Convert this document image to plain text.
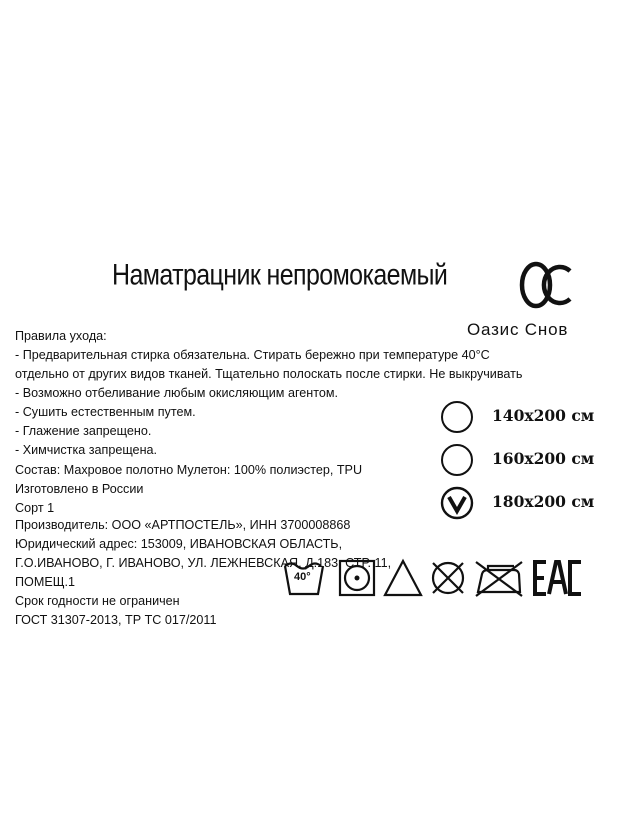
Наматрацник непромокаемый
Оазис Снов
Правила ухода:
- Предварительная стирка обязательна. Стирать бережно при температуре 40°С
отдельно от других видов тканей. Тщательно полоскать после стирки. Не выкручивать
- Возможно отбеливание любым окисляющим агентом.
- Сушить естественным путем.
- Глажение запрещено.
- Химчистка запрещена.
Состав: Махровое полотно Мулетон: 100% полиэстер, TPU
Изготовлено в России
Сорт 1
Производитель: ООО «АРТПОСТЕЛЬ», ИНН 3700008868
Юридический адрес: 153009, ИВАНОВСКАЯ ОБЛАСТЬ,
Г.О.ИВАНОВО, Г. ИВАНОВО, УЛ. ЛЕЖНЕВСКАЯ, Д.183, СТР. 11,
ПОМЕЩ.1
Срок годности не ограничен
ГОСТ 31307-2013, ТР ТС 017/2011
140х200 см
160х200 см
180х200 см
40°
